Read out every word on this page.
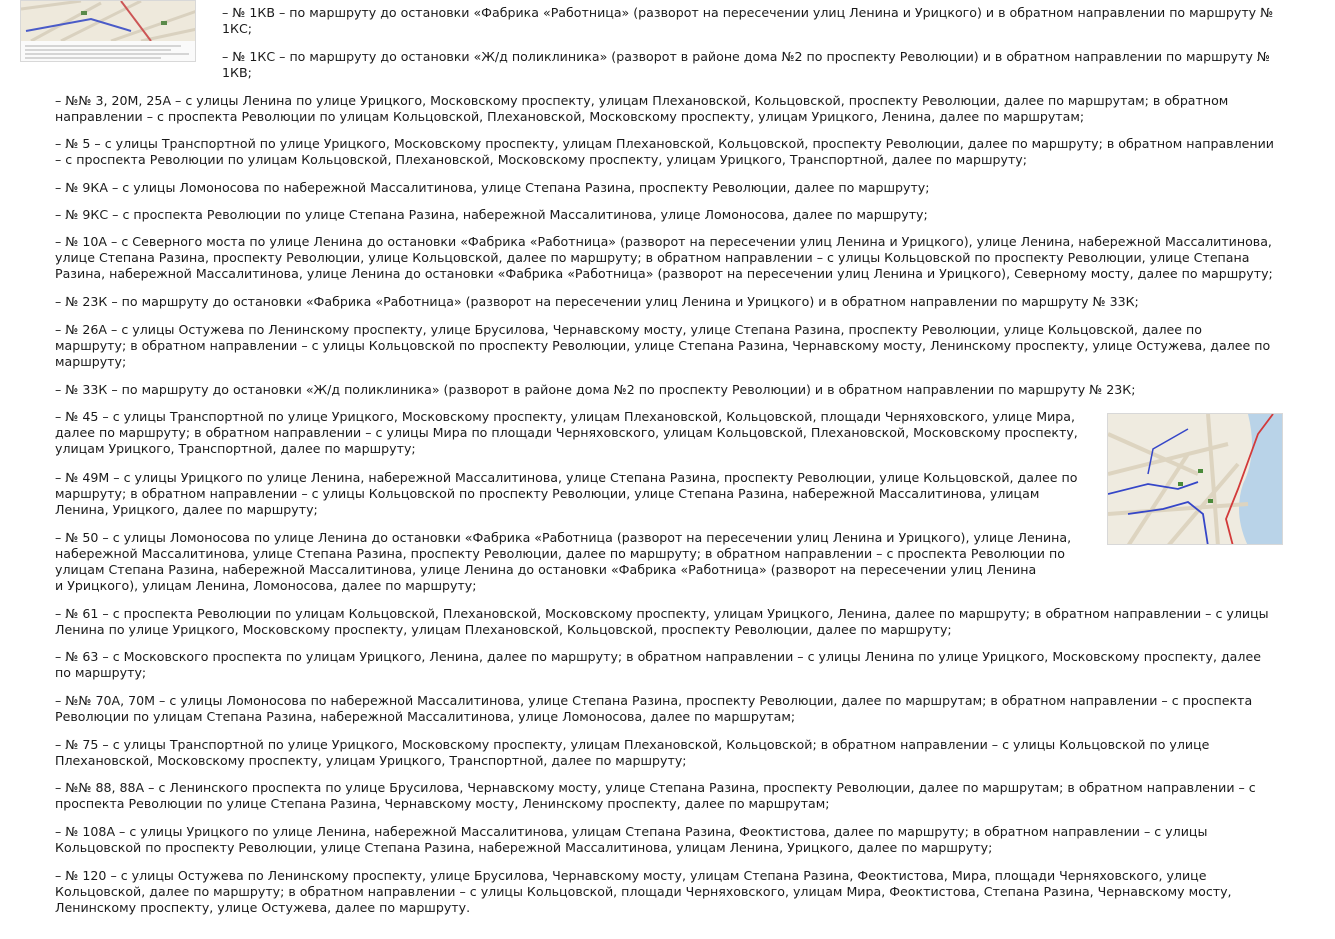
– № 1КВ – по маршруту до остановки «Фабрика «Работница» (разворот на пересечении улиц Ленина и Урицкого) и в обратном направлении по маршруту №
1КС;
– № 1КС – по маршруту до остановки «Ж/д поликлиника» (разворот в районе дома №2 по проспекту Революции) и в обратном направлении по маршруту №
1КВ;
– №№ 3, 20М, 25А – с улицы Ленина по улице Урицкого, Московскому проспекту, улицам Плехановской, Кольцовской, проспекту Революции, далее по маршрутам; в обратном
направлении – с проспекта Революции по улицам Кольцовской, Плехановской, Московскому проспекту, улицам Урицкого, Ленина, далее по маршрутам;
– № 5 – с улицы Транспортной по улице Урицкого, Московскому проспекту, улицам Плехановской, Кольцовской, проспекту Революции, далее по маршруту; в обратном направлении
– с проспекта Революции по улицам Кольцовской, Плехановской, Московскому проспекту, улицам Урицкого, Транспортной, далее по маршруту;
– № 9КА – с улицы Ломоносова по набережной Массалитинова, улице Степана Разина, проспекту Революции, далее по маршруту;
– № 9КС – с проспекта Революции по улице Степана Разина, набережной Массалитинова, улице Ломоносова, далее по маршруту;
– № 10А – с Северного моста по улице Ленина до остановки «Фабрика «Работница» (разворот на пересечении улиц Ленина и Урицкого), улице Ленина, набережной Массалитинова,
улице Степана Разина, проспекту Революции, улице Кольцовской, далее по маршруту; в обратном направлении – с улицы Кольцовской по проспекту Революции, улице Степана
Разина, набережной Массалитинова, улице Ленина до остановки «Фабрика «Работница» (разворот на пересечении улиц Ленина и Урицкого), Северному мосту, далее по маршруту;
– № 23К – по маршруту до остановки «Фабрика «Работница» (разворот на пересечении улиц Ленина и Урицкого) и в обратном направлении по маршруту № 33К;
– № 26А – с улицы Остужева по Ленинскому проспекту, улице Брусилова, Чернавскому мосту, улице Степана Разина, проспекту Революции, улице Кольцовской, далее по
маршруту; в обратном направлении – с улицы Кольцовской по проспекту Революции, улице Степана Разина, Чернавскому мосту, Ленинскому проспекту, улице Остужева, далее по
маршруту;
– № 33К – по маршруту до остановки «Ж/д поликлиника» (разворот в районе дома №2 по проспекту Революции) и в обратном направлении по маршруту № 23К;
– № 45 – с улицы Транспортной по улице Урицкого, Московскому проспекту, улицам Плехановской, Кольцовской, площади Черняховского, улице Мира,
далее по маршруту; в обратном направлении – с улицы Мира по площади Черняховского, улицам Кольцовской, Плехановской, Московскому проспекту,
улицам Урицкого, Транспортной, далее по маршруту;
– № 49М – с улицы Урицкого по улице Ленина, набережной Массалитинова, улице Степана Разина, проспекту Революции, улице Кольцовской, далее по
маршруту; в обратном направлении – с улицы Кольцовской по проспекту Революции, улице Степана Разина, набережной Массалитинова, улицам
Ленина, Урицкого, далее по маршруту;
– № 50 – с улицы Ломоносова по улице Ленина до остановки «Фабрика «Работница (разворот на пересечении улиц Ленина и Урицкого), улице Ленина,
набережной Массалитинова, улице Степана Разина, проспекту Революции, далее по маршруту; в обратном направлении – с проспекта Революции по
улицам Степана Разина, набережной Массалитинова, улице Ленина до остановки «Фабрика «Работница» (разворот на пересечении улиц Ленина
и Урицкого), улицам Ленина, Ломоносова, далее по маршруту;
– № 61 – с проспекта Революции по улицам Кольцовской, Плехановской, Московскому проспекту, улицам Урицкого, Ленина, далее по маршруту; в обратном направлении – с улицы
Ленина по улице Урицкого, Московскому проспекту, улицам Плехановской, Кольцовской, проспекту Революции, далее по маршруту;
– № 63 – с Московского проспекта по улицам Урицкого, Ленина, далее по маршруту; в обратном направлении – с улицы Ленина по улице Урицкого, Московскому проспекту, далее
по маршруту;
– №№ 70А, 70М – с улицы Ломоносова по набережной Массалитинова, улице Степана Разина, проспекту Революции, далее по маршрутам; в обратном направлении – с проспекта
Революции по улицам Степана Разина, набережной Массалитинова, улице Ломоносова, далее по маршрутам;
– № 75 – с улицы Транспортной по улице Урицкого, Московскому проспекту, улицам Плехановской, Кольцовской; в обратном направлении – с улицы Кольцовской по улице
Плехановской, Московскому проспекту, улицам Урицкого, Транспортной, далее по маршруту;
– №№ 88, 88А – с Ленинского проспекта по улице Брусилова, Чернавскому мосту, улице Степана Разина, проспекту Революции, далее по маршрутам; в обратном направлении – с
проспекта Революции по улице Степана Разина, Чернавскому мосту, Ленинскому проспекту, далее по маршрутам;
– № 108А – с улицы Урицкого по улице Ленина, набережной Массалитинова, улицам Степана Разина, Феоктистова, далее по маршруту; в обратном направлении – с улицы
Кольцовской по проспекту Революции, улице Степана Разина, набережной Массалитинова, улицам Ленина, Урицкого, далее по маршруту;
– № 120 – с улицы Остужева по Ленинскому проспекту, улице Брусилова, Чернавскому мосту, улицам Степана Разина, Феоктистова, Мира, площади Черняховского, улице
Кольцовской, далее по маршруту; в обратном направлении – с улицы Кольцовской, площади Черняховского, улицам Мира, Феоктистова, Степана Разина, Чернавскому мосту,
Ленинскому проспекту, улице Остужева, далее по маршруту.
